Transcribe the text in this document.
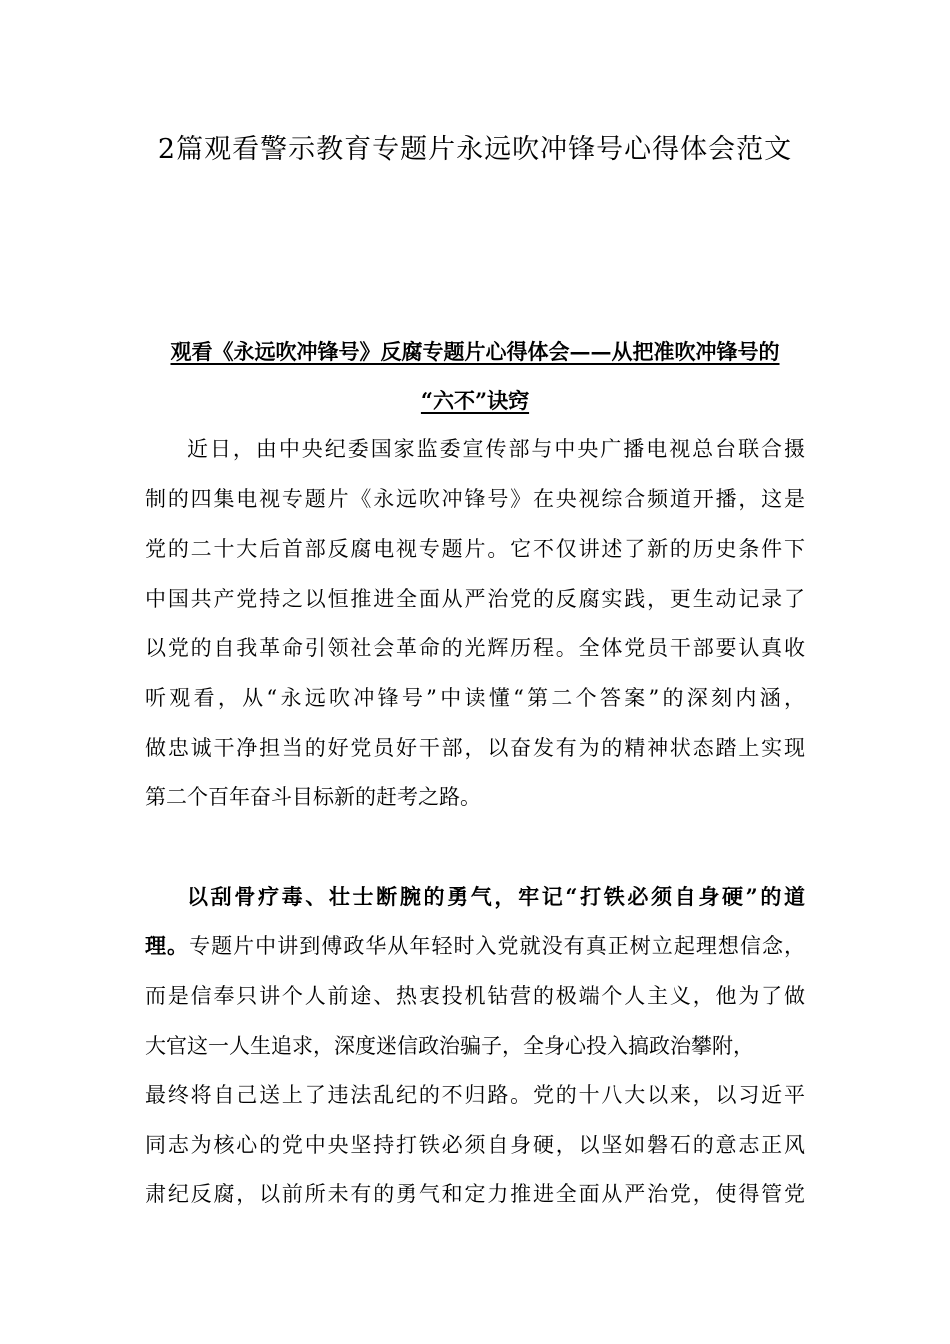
2篇观看警示教育专题片永远吹冲锋号心得体会范文
观看《永远吹冲锋号》反腐专题片心得体会——从把准吹冲锋号的
“六不”诀窍
近日，由中央纪委国家监委宣传部与中央广播电视总台联合摄
制的四集电视专题片《永远吹冲锋号》在央视综合频道开播，这是
党的二十大后首部反腐电视专题片。它不仅讲述了新的历史条件下
中国共产党持之以恒推进全面从严治党的反腐实践，更生动记录了
以党的自我革命引领社会革命的光辉历程。全体党员干部要认真收
听观看，从“永远吹冲锋号”中读懂“第二个答案”的深刻内涵，
做忠诚干净担当的好党员好干部，以奋发有为的精神状态踏上实现
第二个百年奋斗目标新的赶考之路。
以刮骨疗毒、壮士断腕的勇气，牢记“打铁必须自身硬”的道
理。专题片中讲到傅政华从年轻时入党就没有真正树立起理想信念，
而是信奉只讲个人前途、热衷投机钻营的极端个人主义，他为了做
大官这一人生追求，深度迷信政治骗子，全身心投入搞政治攀附，
最终将自己送上了违法乱纪的不归路。党的十八大以来，以习近平
同志为核心的党中央坚持打铁必须自身硬，以坚如磐石的意志正风
肃纪反腐，以前所未有的勇气和定力推进全面从严治党，使得管党
